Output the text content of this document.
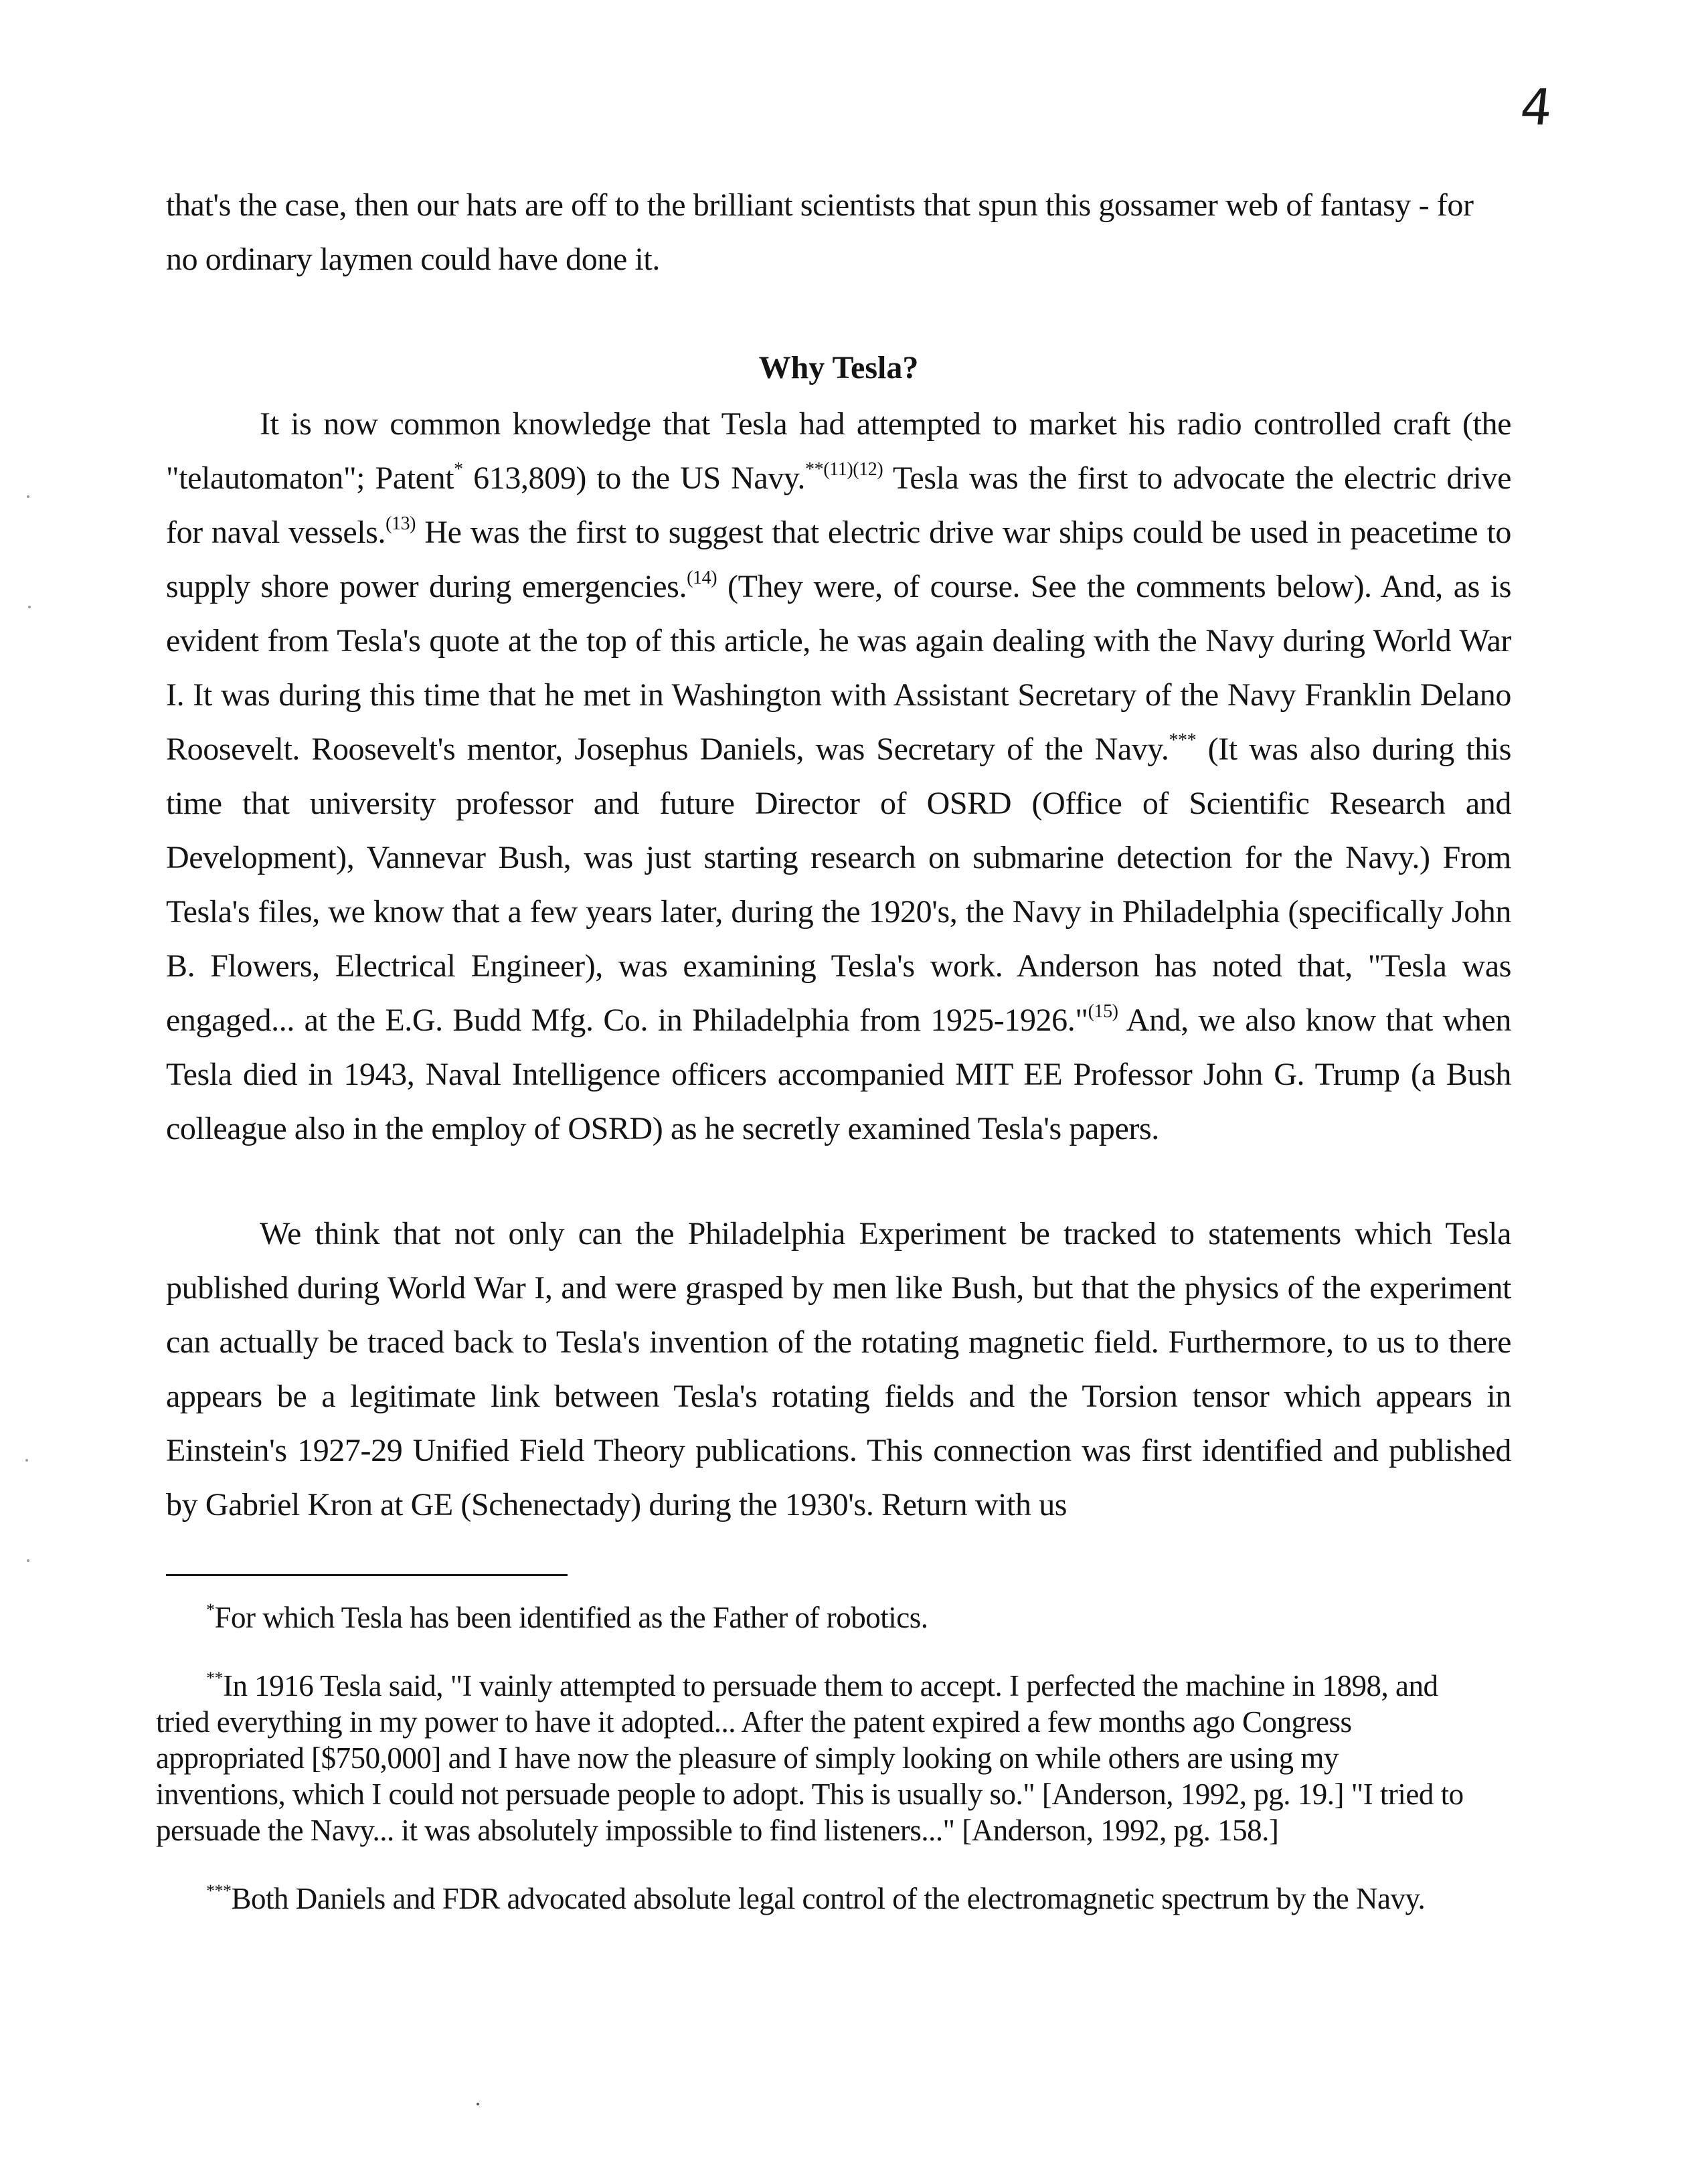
4
that's the case, then our hats are off to the brilliant scientists that spun this gossamer web of fantasy - for no ordinary laymen could have done it.
Why Tesla?

It is now common knowledge that Tesla had attempted to market his radio controlled craft (the "telautomaton"; Patent* 613,809) to the US Navy.$^{**(11)(12)}$ Tesla was the first to advocate the electric drive for naval vessels.$^{(13)}$ He was the first to suggest that electric drive war ships could be used in peacetime to supply shore power during emergencies.$^{(14)}$ (They were, of course. See the comments below). And, as is evident from Tesla's quote at the top of this article, he was again dealing with the Navy during World War I. It was during this time that he met in Washington with Assistant Secretary of the Navy Franklin Delano Roosevelt. Roosevelt's mentor, Josephus Daniels, was Secretary of the Navy.*** (It was also during this time that university professor and future Director of OSRD (Office of Scientific Research and Development), Vannevar Bush, was just starting research on submarine detection for the Navy.) From Tesla's files, we know that a few years later, during the 1920's, the Navy in Philadelphia (specifically John B. Flowers, Electrical Engineer), was examining Tesla's work. Anderson has noted that, "Tesla was engaged... at the E.G. Budd Mfg. Co. in Philadelphia from 1925-1926."$^{(15)}$ And, we also know that when Tesla died in 1943, Naval Intelligence officers accompanied MIT EE Professor John G. Trump (a Bush colleague also in the employ of OSRD) as he secretly examined Tesla's papers.

We think that not only can the Philadelphia Experiment be tracked to statements which Tesla published during World War I, and were grasped by men like Bush, but that the physics of the experiment can actually be traced back to Tesla's invention of the rotating magnetic field. Furthermore, to us to there appears be a legitimate link between Tesla's rotating fields and the Torsion tensor which appears in Einstein's 1927-29 Unified Field Theory publications. This connection was first identified and published by Gabriel Kron at GE (Schenectady) during the 1930's. Return with us

*For which Tesla has been identified as the Father of robotics.

**In 1916 Tesla said, "I vainly attempted to persuade them to accept. I perfected the machine in 1898, and tried everything in my power to have it adopted... After the patent expired a few months ago Congress appropriated [$750,000] and I have now the pleasure of simply looking on while others are using my inventions, which I could not persuade people to adopt. This is usually so." [Anderson, 1992, pg. 19.] "I tried to persuade the Navy... it was absolutely impossible to find listeners..." [Anderson, 1992, pg. 158.]

***Both Daniels and FDR advocated absolute legal control of the electromagnetic spectrum by the Navy.
